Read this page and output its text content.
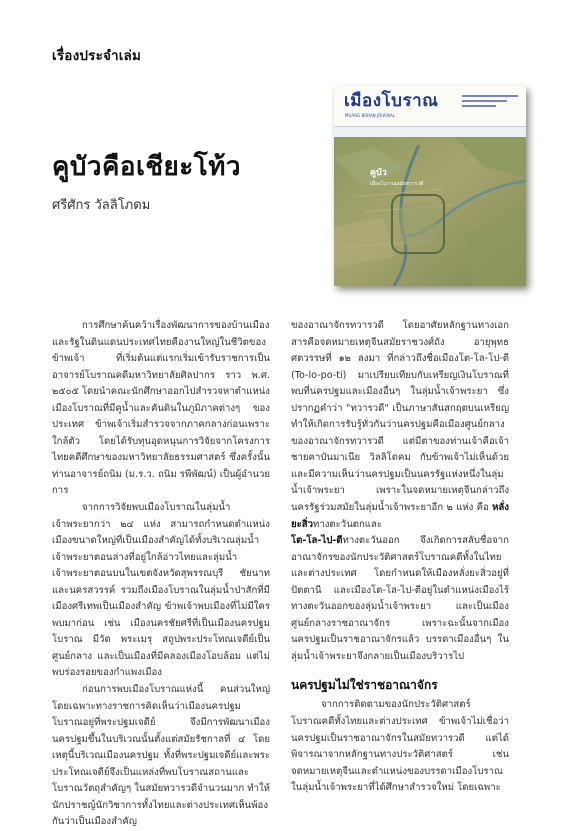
เรื่องประจำเล่ม
เมืองโบราณ
MUANG BORAN JOURNAL
คูบัว
เมืองโบราณสมัยทวารวดี
คูบัวคือเชียะโท้ว
ศรีศักร วัลลิโภดม

การศึกษาค้นคว้าเรื่องพัฒนาการของบ้านเมืองและรัฐในดินแดนประเทศไทยคืองานใหญ่ในชีวิตของข้าพเจ้า ที่เริ่มต้นแต่แรกเริ่มเข้ารับราชการเป็นอาจารย์โบราณคดีมหาวิทยาลัยศิลปากร ราว พ.ศ. ๒๕๐๕ โดยนำคณะนักศึกษาออกไปสำรวจหาตำแหน่งเมืองโบราณที่มีคูน้ำและคันดินในภูมิภาคต่างๆ ของประเทศ ข้าพเจ้าเริ่มสำรวจจากภาคกลางก่อนเพราะใกล้ตัว โดยได้รับทุนอุดหนุนการวิจัยจากโครงการไทยคดีศึกษาของมหาวิทยาลัยธรรมศาสตร์ ซึ่งครั้งนั้นท่านอาจารย์ถนิม (ม.ร.ว. ถนิม รพีพัฒน์) เป็นผู้อำนวยการ

จากการวิจัยพบเมืองโบราณในลุ่มน้ำเจ้าพระยากว่า ๒๔ แห่ง สามารถกำหนดตำแหน่งเมืองขนาดใหญ่ที่เป็นเมืองสำคัญได้ทั้งบริเวณลุ่มน้ำเจ้าพระยาตอนล่างที่อยู่ใกล้อ่าวไทยและลุ่มน้ำเจ้าพระยาตอนบนในเขตจังหวัดสุพรรณบุรี ชัยนาท และนครสวรรค์ รวมถึงเมืองโบราณในลุ่มน้ำป่าสักที่มีเมืองศรีเทพเป็นเมืองสำคัญ ข้าพเจ้าพบเมืองที่ไม่มีใครพบมาก่อน เช่น เมืองนครชัยศรีที่เป็นเมืองนครปฐมโบราณ มีวัด พระเมรุ สถูปพระประโทณเจดีย์เป็นศูนย์กลาง และเป็นเมืองที่มีคลองเมืองโอบล้อม แต่ไม่พบร่องรอยของกำแพงเมือง

ก่อนการพบเมืองโบราณแห่งนี้ คนส่วนใหญ่โดยเฉพาะทางราชการคิดเห็นว่าเมืองนครปฐมโบราณอยู่ที่พระปฐมเจดีย์ จึงมีการพัฒนาเมืองนครปฐมขึ้นในบริเวณนั้นตั้งแต่สมัยรัชกาลที่ ๔ โดยเหตุนี้บริเวณเมืองนครปฐม ทั้งที่พระปฐมเจดีย์และพระประโทณเจดีย์จึงเป็นแหล่งที่พบโบราณสถานและโบราณวัตถุสำคัญๆ ในสมัยทวารวดีจำนวนมาก ทำให้นักปราชญ์นักวิชาการทั้งไทยและต่างประเทศเห็นพ้องกันว่าเป็นเมืองสำคัญ

ของอาณาจักรทวารวดี โดยอาศัยหลักฐานทางเอกสารคือจดหมายเหตุจีนสมัยราชวงศ์ถัง อายุพุทธศตวรรษที่ ๑๒ ลงมา ที่กล่าวถึงชื่อเมืองโต-โล-โป-ตี (To-lo-po-ti) มาเปรียบเทียบกับเหรียญเงินโบราณที่พบที่นครปฐมและเมืองอื่นๆ ในลุ่มน้ำเจ้าพระยา ซึ่งปรากฏคำว่า "ทวารวดี" เป็นภาษาสันสกฤตบนเหรียญ ทำให้เกิดการรับรู้ทั่วกันว่านครปฐมคือเมืองศูนย์กลางของอาณาจักรทวารวดี แต่มีตาของท่านเจ้าคือเจ้าชายคาบันมาเนีย วิลลิโดคม กับข้าพเจ้าไม่เห็นด้วย และมีความเห็นว่านครปฐมเป็นนครรัฐแห่งหนึ่งในลุ่มน้ำเจ้าพระยา เพราะในจดหมายเหตุจีนกล่าวถึงนครรัฐร่วมสมัยในลุ่มน้ำเจ้าพระยาอีก ๒ แห่ง คือ หลั่งยะสิ่วทางตะวันตกและ
โต-โล-ไป-ตีทางตะวันออก จึงเกิดการสลับชื่อจากอาณาจักรของนักประวัติศาสตร์โบราณคดีทั้งในไทยและต่างประเทศ โดยกำหนดให้เมืองหลั่งยะสิ่วอยู่ที่ปัตตานี และเมืองโต-โล-ไป-ตีอยู่ในตำแหน่งเมืองไร้ทางตะวันออกของลุ่มน้ำเจ้าพระยา และเป็นเมืองศูนย์กลางราชอาณาจักร เพราะฉะนั้นจากเมืองนครปฐมเป็นราชอาณาจักรแล้ว บรรดาเมืองอื่นๆ ในลุ่มน้ำเจ้าพระยาจึงกลายเป็นเมืองบริวารไป

นครปฐมไม่ใช่ราชอาณาจักร

จากการติดตามของนักประวัติศาสตร์โบราณคดีทั้งไทยและต่างประเทศ ข้าพเจ้าไม่เชื่อว่านครปฐมเป็นราชอาณาจักรในสมัยทวารวดี แต่ได้พิจารณาจากหลักฐานทางประวัติศาสตร์ เช่น จดหมายเหตุจีนและตำแหน่งของบรรดาเมืองโบราณในลุ่มน้ำเจ้าพระยาที่ได้ศึกษาสำรวจใหม่ โดยเฉพาะ
